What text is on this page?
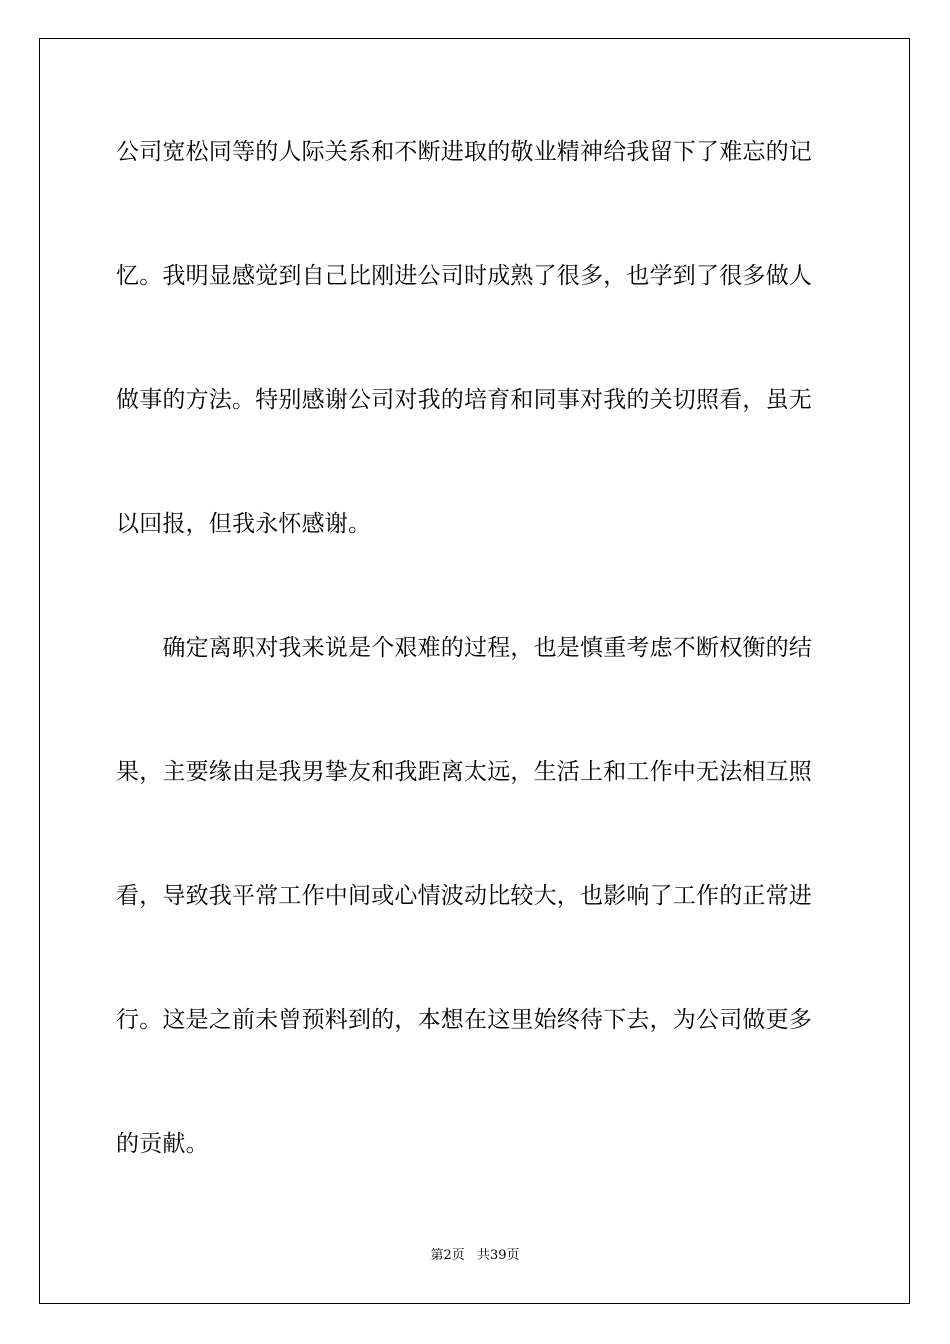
公司宽松同等的人际关系和不断进取的敬业精神给我留下了难忘的记
忆。我明显感觉到自己比刚进公司时成熟了很多，也学到了很多做人
做事的方法。特别感谢公司对我的培育和同事对我的关切照看，虽无
以回报，但我永怀感谢。
　　确定离职对我来说是个艰难的过程，也是慎重考虑不断权衡的结
果，主要缘由是我男挚友和我距离太远，生活上和工作中无法相互照
看，导致我平常工作中间或心情波动比较大，也影响了工作的正常进
行。这是之前未曾预料到的，本想在这里始终待下去，为公司做更多
的贡献。
第2页 共39页
